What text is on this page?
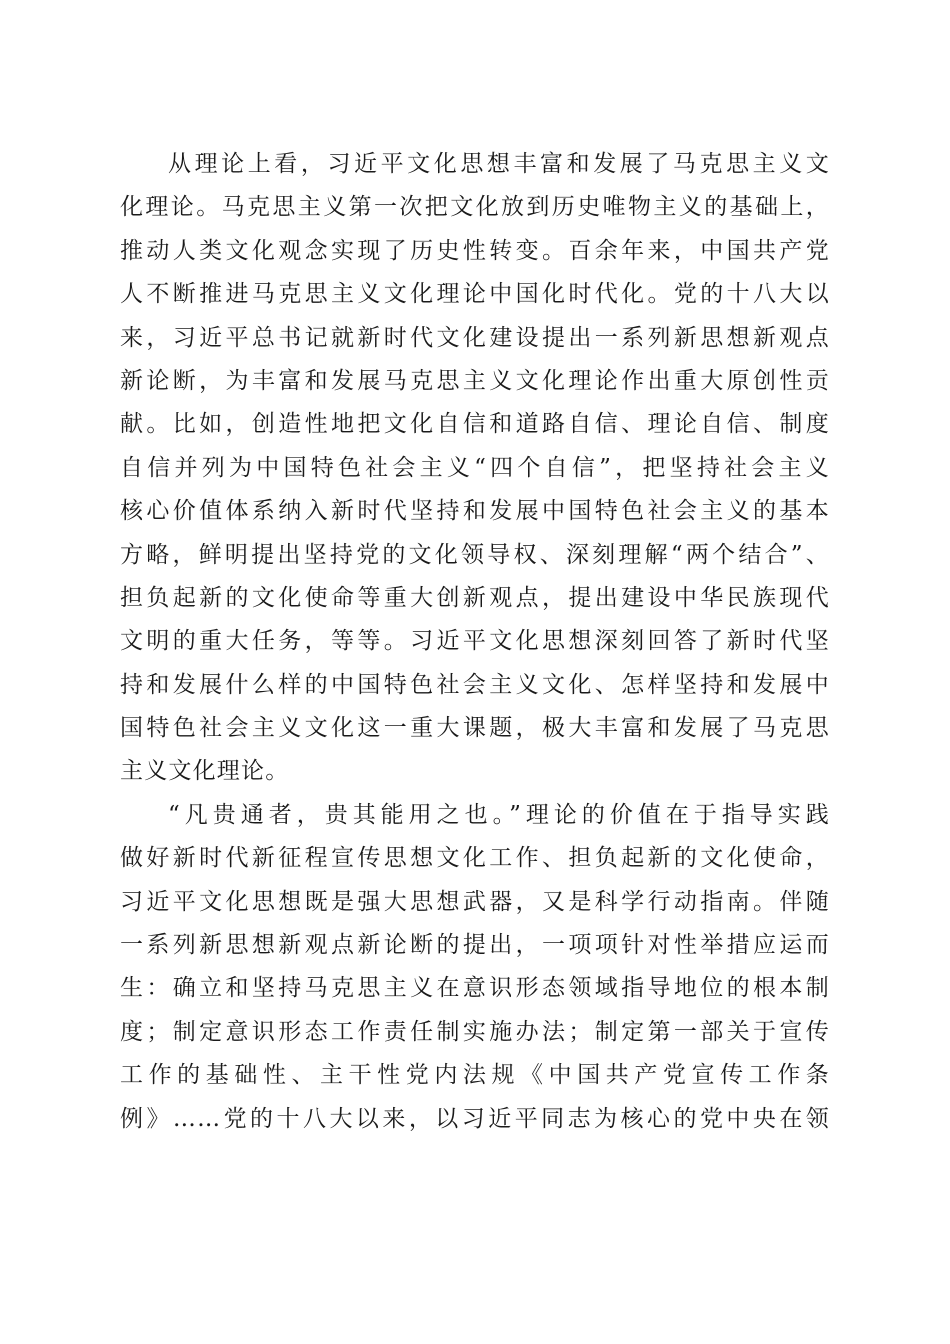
从理论上看，习近平文化思想丰富和发展了马克思主义文
化理论。马克思主义第一次把文化放到历史唯物主义的基础上，
推动人类文化观念实现了历史性转变。百余年来，中国共产党
人不断推进马克思主义文化理论中国化时代化。党的十八大以
来，习近平总书记就新时代文化建设提出一系列新思想新观点
新论断，为丰富和发展马克思主义文化理论作出重大原创性贡
献。比如，创造性地把文化自信和道路自信、理论自信、制度
自信并列为中国特色社会主义“四个自信”，把坚持社会主义
核心价值体系纳入新时代坚持和发展中国特色社会主义的基本
方略，鲜明提出坚持党的文化领导权、深刻理解“两个结合”、
担负起新的文化使命等重大创新观点，提出建设中华民族现代
文明的重大任务，等等。习近平文化思想深刻回答了新时代坚
持和发展什么样的中国特色社会主义文化、怎样坚持和发展中
国特色社会主义文化这一重大课题，极大丰富和发展了马克思
主义文化理论。
“凡贵通者，贵其能用之也。”理论的价值在于指导实践
做好新时代新征程宣传思想文化工作、担负起新的文化使命，
习近平文化思想既是强大思想武器，又是科学行动指南。伴随
一系列新思想新观点新论断的提出，一项项针对性举措应运而
生：确立和坚持马克思主义在意识形态领域指导地位的根本制
度；制定意识形态工作责任制实施办法；制定第一部关于宣传
工作的基础性、主干性党内法规《中国共产党宣传工作条
例》……党的十八大以来，以习近平同志为核心的党中央在领
